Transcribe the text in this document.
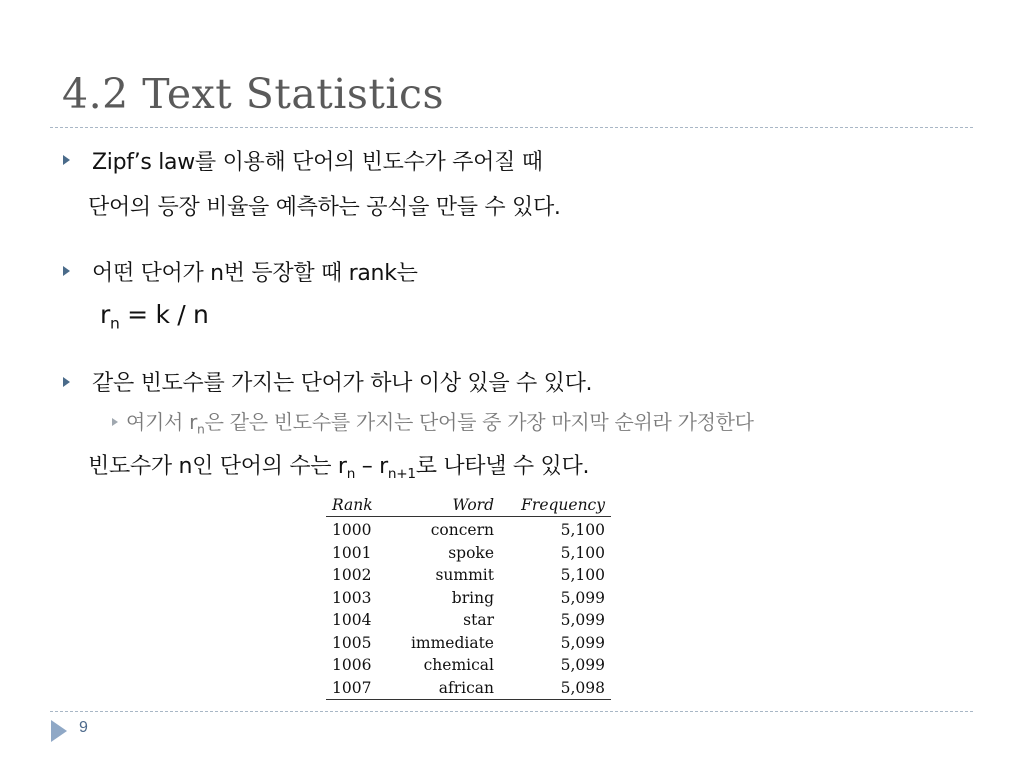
4.2 Text Statistics
Zipf’s law를 이용해 단어의 빈도수가 주어질 때
단어의 등장 비율을 예측하는 공식을 만들 수 있다.
어떤 단어가 n번 등장할 때 rank는
$r_n = k / n$
같은 빈도수를 가지는 단어가 하나 이상 있을 수 있다.
여기서 $r_n$은 같은 빈도수를 가지는 단어들 중 가장 마지막 순위라 가정한다
빈도수가 n인 단어의 수는 $r_n - r_{n+1}$로 나타낼 수 있다.
Rank	Word	Frequency
1000	concern	5,100
1001	spoke	5,100
1002	summit	5,100
1003	bring	5,099
1004	star	5,099
1005	immediate	5,099
1006	chemical	5,099
1007	african	5,098
9
